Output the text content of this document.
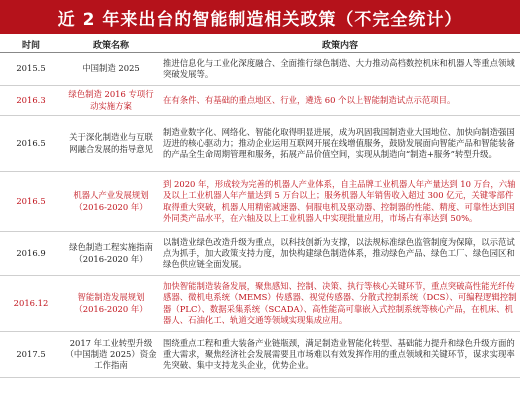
近 2 年来出台的智能制造相关政策（不完全统计）
时间	政策名称	政策内容
2015.5	中国制造 2025	推进信息化与工业化深度融合、全面推行绿色制造、大力推动高档数控机床和机器人等重点领域突破发展等。
2016.3	绿色制造 2016 专项行动实施方案	在有条件、有基础的重点地区、行业，遴选 60 个以上智能制造试点示范项目。
2016.5	关于深化制造业与互联网融合发展的指导意见	制造业数字化、网络化、智能化取得明显进展，成为巩固我国制造业大国地位、加快向制造强国迈进的核心驱动力；推动企业运用互联网开展在线增值服务，鼓励发展面向智能产品和智能装备的产品全生命周期管理和服务，拓展产品价值空间，实现从制造向“制造+服务”转型升级。
2016.5	机器人产业发展规划（2016-2020 年）	到 2020 年，形成较为完善的机器人产业体系，自主品牌工业机器人年产量达到 10 万台，六轴及以上工业机器人年产量达到 5 万台以上；服务机器人年销售收入超过 300 亿元，关键零部件取得重大突破，机器人用精密减速器、伺服电机及驱动器、控制器的性能、精度、可靠性达到国外同类产品水平，在六轴及以上工业机器人中实现批量应用，市场占有率达到 50%。
2016.9	绿色制造工程实施指南（2016-2020 年）	以制造业绿色改造升级为重点，以科技创新为支撑，以法规标准绿色监管制度为保障，以示范试点为抓手，加大政策支持力度，加快构建绿色制造体系，推动绿色产品、绿色工厂、绿色园区和绿色供应链全面发展。
2016.12	智能制造发展规划（2016-2020 年）	加快智能制造装备发展，聚焦感知、控制、决策、执行等核心关键环节，重点突破高性能光纤传感器、微机电系统（MEMS）传感器、视觉传感器、分散式控制系统（DCS）、可编程逻辑控制器（PLC）、数据采集系统（SCADA）、高性能高可靠嵌入式控制系统等核心产品，在机床、机器人、石油化工、轨道交通等领域实现集成应用。
2017.5	2017 年工业转型升级（中国制造 2025）资金工作指南	围绕重点工程和重大装备产业链瓶颈，满足制造业智能化转型、基础能力提升和绿色升级方面的重大需求，聚焦经济社会发展需要且市场难以有效发挥作用的重点领域和关键环节，谋求实现率先突破、集中支持龙头企业，优势企业。
